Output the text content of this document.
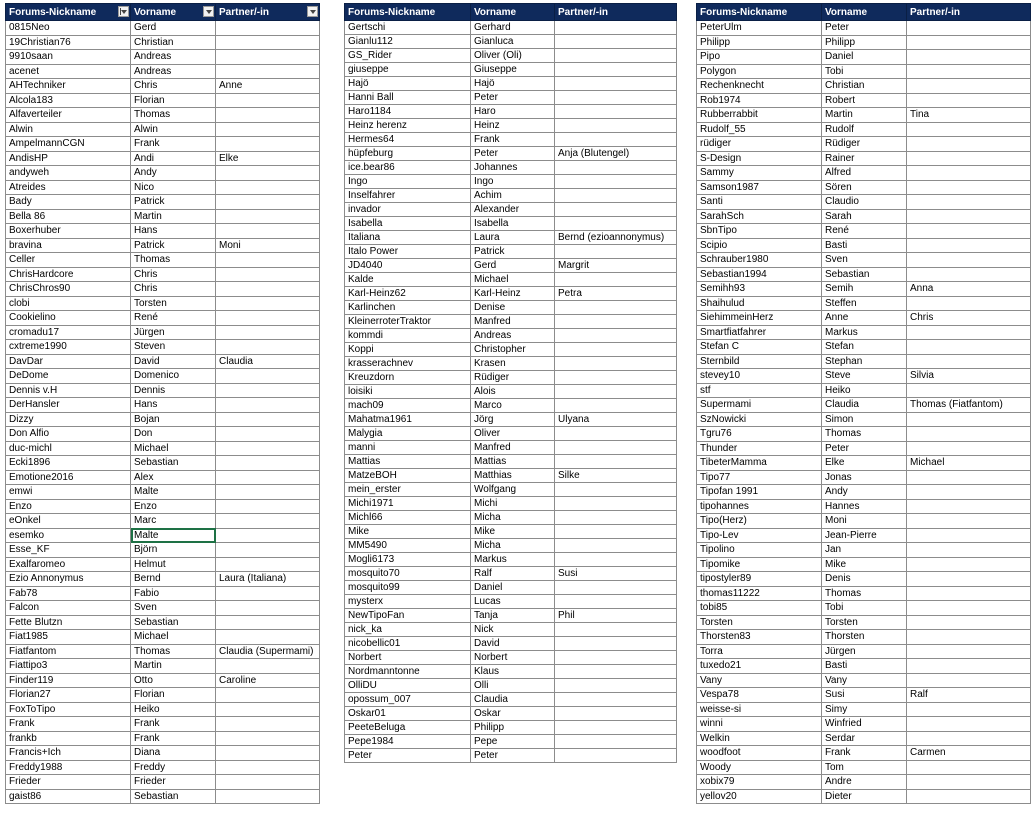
Forums-Nickname	Vorname	Partner/-in

0815Neo	Gerd	
19Christian76	Christian	
9910saan	Andreas	
acenet	Andreas	
AHTechniker	Chris	Anne
Alcola183	Florian	
Alfaverteiler	Thomas	
Alwin	Alwin	
AmpelmannCGN	Frank	
AndisHP	Andi	Elke
andyweh	Andy	
Atreides	Nico	
Bady	Patrick	
Bella 86	Martin	
Boxerhuber	Hans	
bravina	Patrick	Moni
Celler	Thomas	
ChrisHardcore	Chris	
ChrisChros90	Chris	
clobi	Torsten	
Cookielino	René	
cromadu17	Jürgen	
cxtreme1990	Steven	
DavDar	David	Claudia
DeDome	Domenico	
Dennis v.H	Dennis	
DerHansler	Hans	
Dizzy	Bojan	
Don Alfio	Don	
duc-michl	Michael	
Ecki1896	Sebastian	
Emotione2016	Alex	
emwi	Malte	
Enzo	Enzo	
eOnkel	Marc	
esemko	Malte	
Esse_KF	Björn	
Exalfaromeo	Helmut	
Ezio Annonymus	Bernd	Laura (Italiana)
Fab78	Fabio	
Falcon	Sven	
Fette Blutzn	Sebastian	
Fiat1985	Michael	
Fiatfantom	Thomas	Claudia (Supermami)
Fiattipo3	Martin	
Finder119	Otto	Caroline
Florian27	Florian	
FoxToTipo	Heiko	
Frank	Frank	
frankb	Frank	
Francis+Ich	Diana	
Freddy1988	Freddy	
Frieder	Frieder	
gaist86	Sebastian	
Forums-Nickname	Vorname	Partner/-in
Gertschi	Gerhard	
Gianlu112	Gianluca	
GS_Rider	Oliver (Oli)	
giuseppe	Giuseppe	
Hajö	Hajö	
Hanni Ball	Peter	
Haro1184	Haro	
Heinz herenz	Heinz	
Hermes64	Frank	
hüpfeburg	Peter	Anja (Blutengel)
ice.bear86	Johannes	
Ingo	Ingo	
Inselfahrer	Achim	
invador	Alexander	
Isabella	Isabella	
Italiana	Laura	Bernd (ezioannonymus)
Italo Power	Patrick	
JD4040	Gerd	Margrit
Kalde	Michael	
Karl-Heinz62	Karl-Heinz	Petra
Karlinchen	Denise	
KleinerroterTraktor	Manfred	
kommdi	Andreas	
Koppi	Christopher	
krasserachnev	Krasen	
Kreuzdorn	Rüdiger	
loisiki	Alois	
mach09	Marco	
Mahatma1961	Jörg	Ulyana
Malygia	Oliver	
manni	Manfred	
Mattias	Mattias	
MatzeBOH	Matthias	Silke
mein_erster	Wolfgang	
Michi1971	Michi	
Michl66	Micha	
Mike	Mike	
MM5490	Micha	
Mogli6173	Markus	
mosquito70	Ralf	Susi
mosquito99	Daniel	
mysterx	Lucas	
NewTipoFan	Tanja	Phil
nick_ka	Nick	
nicobellic01	David	
Norbert	Norbert	
Nordmanntonne	Klaus	
OlliDU	Olli	
opossum_007	Claudia	
Oskar01	Oskar	
PeeteBeluga	Philipp	
Pepe1984	Pepe	
Peter	Peter	
Forums-Nickname	Vorname	Partner/-in
PeterUlm	Peter	
Philipp	Philipp	
Pipo	Daniel	
Polygon	Tobi	
Rechenknecht	Christian	
Rob1974	Robert	
Rubberrabbit	Martin	Tina
Rudolf_55	Rudolf	
rüdiger	Rüdiger	
S-Design	Rainer	
Sammy	Alfred	
Samson1987	Sören	
Santi	Claudio	
SarahSch	Sarah	
SbnTipo	René	
Scipio	Basti	
Schrauber1980	Sven	
Sebastian1994	Sebastian	
Semihh93	Semih	Anna
Shaihulud	Steffen	
SiehimmeinHerz	Anne	Chris
Smartfiatfahrer	Markus	
Stefan C	Stefan	
Sternbild	Stephan	
stevey10	Steve	Silvia
stf	Heiko	
Supermami	Claudia	Thomas (Fiatfantom)
SzNowicki	Simon	
Tgru76	Thomas	
Thunder	Peter	
TibeterMamma	Elke	Michael
Tipo77	Jonas	
Tipofan 1991	Andy	
tipohannes	Hannes	
Tipo(Herz)	Moni	
Tipo-Lev	Jean-Pierre	
Tipolino	Jan	
Tipomike	Mike	
tipostyler89	Denis	
thomas11222	Thomas	
tobi85	Tobi	
Torsten	Torsten	
Thorsten83	Thorsten	
Torra	Jürgen	
tuxedo21	Basti	
Vany	Vany	
Vespa78	Susi	Ralf
weisse-si	Simy	
winni	Winfried	
Welkin	Serdar	
woodfoot	Frank	Carmen
Woody	Tom	
xobix79	Andre	
yellov20	Dieter	
